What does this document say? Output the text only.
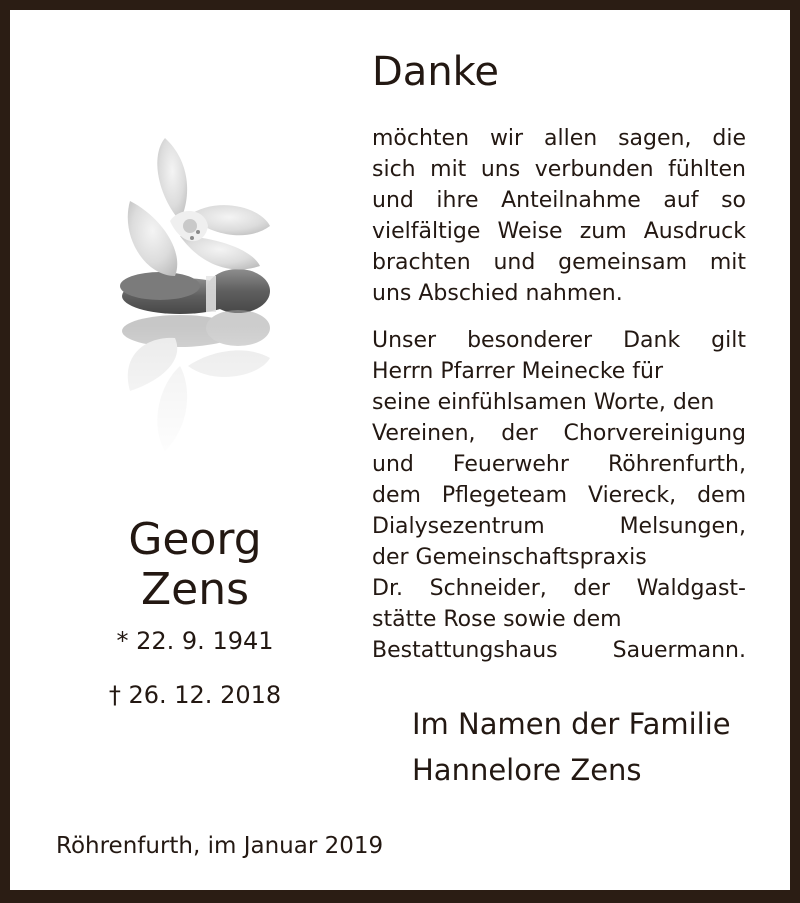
Danke
möchten wir allen sagen, die
sich mit uns verbunden fühlten
und ihre Anteilnahme auf so
vielfältige Weise zum Ausdruck
brachten und gemeinsam mit
uns Abschied nahmen.
Unser besonderer Dank gilt
Herrn Pfarrer Meinecke für
seine einfühlsamen Worte, den
Vereinen, der Chorvereinigung
und Feuerwehr Röhrenfurth,
dem Pflegeteam Viereck, dem
Dialysezentrum Melsungen,
der Gemeinschaftspraxis
Dr. Schneider, der Waldgast-
stätte Rose sowie dem
Bestattungshaus Sauermann.
Georg
Zens
* 22. 9. 1941
† 26. 12. 2018
Im Namen der Familie
Hannelore Zens
Röhrenfurth, im Januar 2019
